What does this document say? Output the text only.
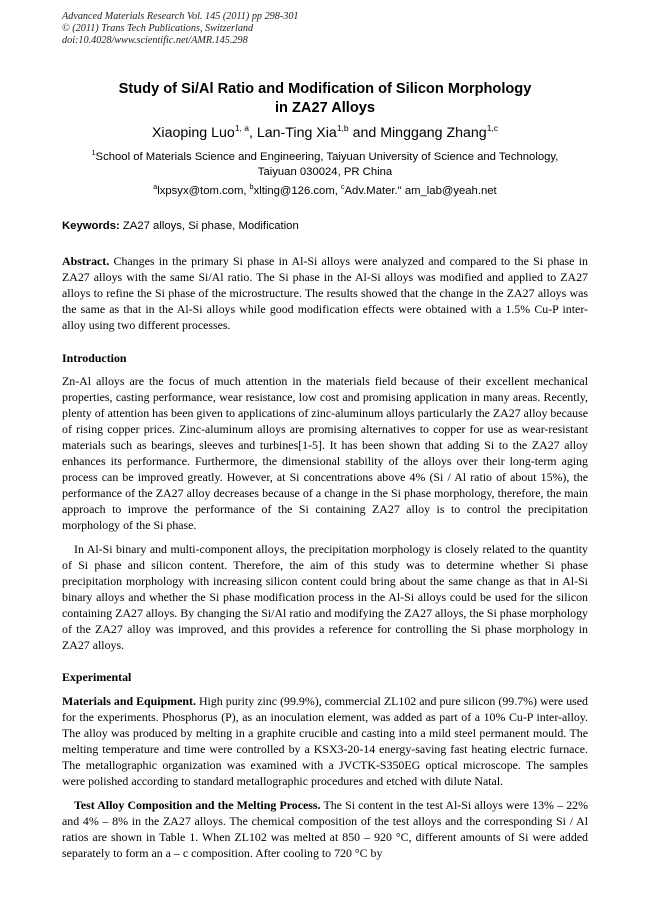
Advanced Materials Research Vol. 145 (2011) pp 298-301
© (2011) Trans Tech Publications, Switzerland
doi:10.4028/www.scientific.net/AMR.145.298
Study of Si/Al Ratio and Modification of Silicon Morphology
in ZA27 Alloys
Xiaoping Luo$^{1, a}$, Lan-Ting Xia$^{1,b}$ and Minggang Zhang$^{1,c}$
$^1$School of Materials Science and Engineering, Taiyuan University of Science and Technology,
Taiyuan 030024, PR China
$^a$lxpsyx@tom.com, $^b$xlting@126.com, $^c$Adv.Mater." am_lab@yeah.net
Keywords: ZA27 alloys, Si phase, Modification

Abstract. Changes in the primary Si phase in Al-Si alloys were analyzed and compared to the Si phase in ZA27 alloys with the same Si/Al ratio. The Si phase in the Al-Si alloys was modified and applied to ZA27 alloys to refine the Si phase of the microstructure. The results showed that the change in the ZA27 alloys was the same as that in the Al-Si alloys while good modification effects were obtained with a 1.5% Cu-P inter-alloy using two different processes.

Introduction
Zn-Al alloys are the focus of much attention in the materials field because of their excellent mechanical properties, casting performance, wear resistance, low cost and promising application in many areas. Recently, plenty of attention has been given to applications of zinc-aluminum alloys particularly the ZA27 alloy because of rising copper prices. Zinc-aluminum alloys are promising alternatives to copper for use as wear-resistant materials such as bearings, sleeves and turbines[1-5]. It has been shown that adding Si to the ZA27 alloy enhances its performance. Furthermore, the dimensional stability of the alloys over their long-term aging process can be improved greatly. However, at Si concentrations above 4% (Si / Al ratio of about 15%), the performance of the ZA27 alloy decreases because of a change in the Si phase morphology, therefore, the main approach to improve the performance of the Si containing ZA27 alloy is to control the precipitation morphology of the Si phase.
In Al-Si binary and multi-component alloys, the precipitation morphology is closely related to the quantity of Si phase and silicon content. Therefore, the aim of this study was to determine whether Si phase precipitation morphology with increasing silicon content could bring about the same change as that in Al-Si binary alloys and whether the Si phase modification process in the Al-Si alloys could be used for the silicon containing ZA27 alloys. By changing the Si/Al ratio and modifying the ZA27 alloys, the Si phase morphology of the ZA27 alloy was improved, and this provides a reference for controlling the Si phase morphology in ZA27 alloys.
Experimental

Materials and Equipment. High purity zinc (99.9%), commercial ZL102 and pure silicon (99.7%) were used for the experiments. Phosphorus (P), as an inoculation element, was added as part of a 10% Cu-P inter-alloy. The alloy was produced by melting in a graphite crucible and casting into a mild steel permanent mould. The melting temperature and time were controlled by a KSX3-20-14 energy-saving fast heating electric furnace. The metallographic organization was examined with a JVCTK-S350EG optical microscope. The samples were polished according to standard metallographic procedures and etched with dilute Natal.

Test Alloy Composition and the Melting Process. The Si content in the test Al-Si alloys were 13% – 22% and 4% – 8% in the ZA27 alloys. The chemical composition of the test alloys and the corresponding Si / Al ratios are shown in Table 1. When ZL102 was melted at 850 – 920 °C, different amounts of Si were added separately to form an a – c composition. After cooling to 720 °C by
